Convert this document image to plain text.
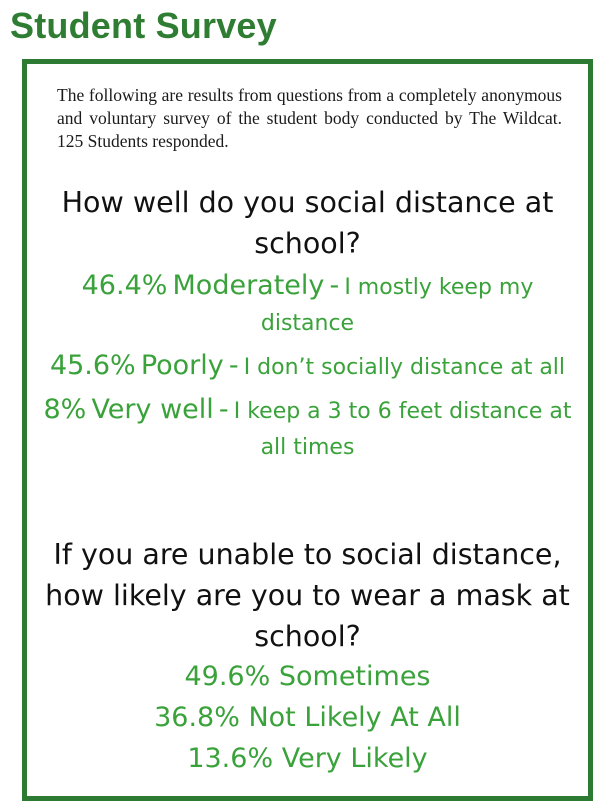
Student Survey

The following are results from questions from a completely anonymous and voluntary survey of the student body conducted by The Wildcat. 125 Students responded.

How well do you social distance at school?

46.4% Moderately - I mostly keep my distance
45.6% Poorly - I don’t socially distance at all
8% Very well - I keep a 3 to 6 feet distance at all times

If you are unable to social distance, how likely are you to wear a mask at school?

49.6% Sometimes
36.8% Not Likely At All
13.6% Very Likely
